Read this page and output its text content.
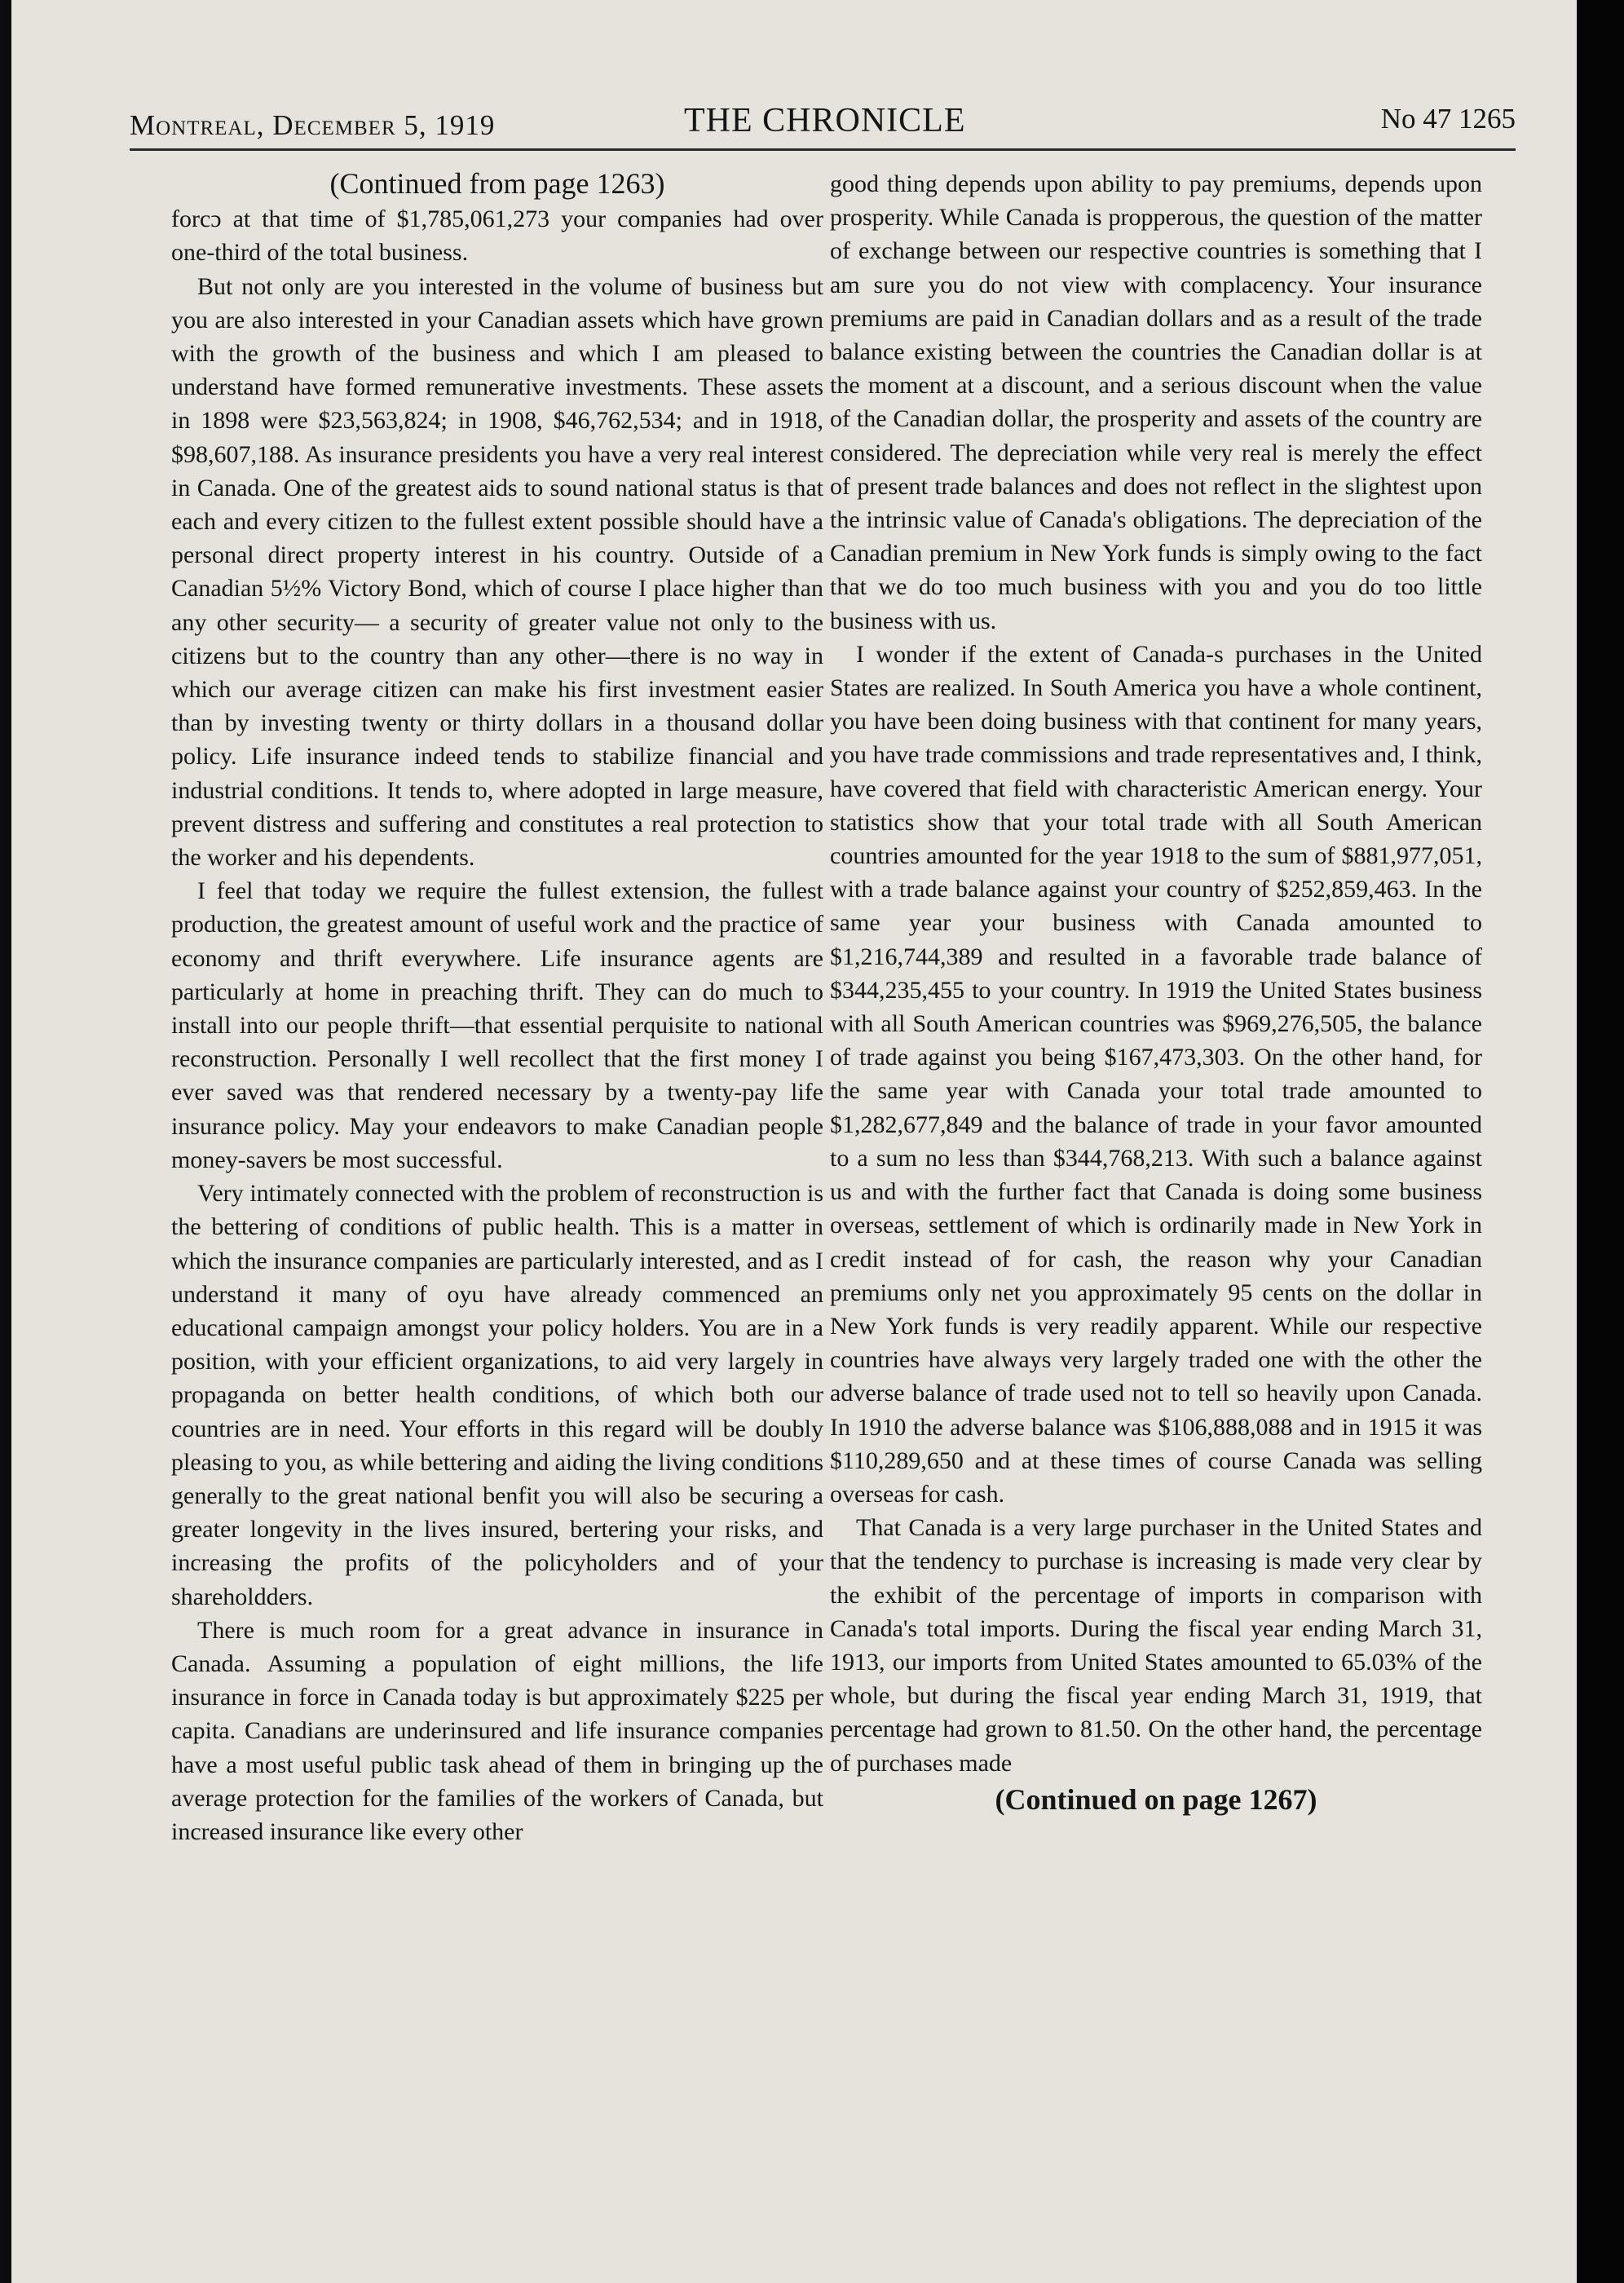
Montreal, December 5, 1919	THE CHRONICLE	No 47 1265
(Continued from page 1263)

forcɔ at that time of $1,785,061,273 your companies had over one-third of the total business.

But not only are you interested in the volume of business but you are also interested in your Canadian assets which have grown with the growth of the business and which I am pleased to understand have formed remunerative investments. These assets in 1898 were $23,563,824; in 1908, $46,762,534; and in 1918, $98,607,188. As insurance presidents you have a very real interest in Canada. One of the greatest aids to sound national status is that each and every citizen to the fullest extent possible should have a personal direct property interest in his country. Outside of a Canadian 5½% Victory Bond, which of course I place higher than any other security— a security of greater value not only to the citizens but to the country than any other—there is no way in which our average citizen can make his first investment easier than by investing twenty or thirty dollars in a thousand dollar policy. Life insurance indeed tends to stabilize financial and industrial conditions. It tends to, where adopted in large measure, prevent distress and suffering and constitutes a real protection to the worker and his dependents.

I feel that today we require the fullest extension, the fullest production, the greatest amount of useful work and the practice of economy and thrift everywhere. Life insurance agents are particularly at home in preaching thrift. They can do much to install into our people thrift—that essential perquisite to national reconstruction. Personally I well recollect that the first money I ever saved was that rendered necessary by a twenty-pay life insurance policy. May your endeavors to make Canadian people money-savers be most successful.

Very intimately connected with the problem of reconstruction is the bettering of conditions of public health. This is a matter in which the insurance companies are particularly interested, and as I understand it many of oyu have already commenced an educational campaign amongst your policy holders. You are in a position, with your efficient organizations, to aid very largely in propaganda on better health conditions, of which both our countries are in need. Your efforts in this regard will be doubly pleasing to you, as while bettering and aiding the living conditions generally to the great national benfit you will also be securing a greater longevity in the lives insured, bertering your risks, and increasing the profits of the policyholders and of your shareholdders.

There is much room for a great advance in insurance in Canada. Assuming a population of eight millions, the life insurance in force in Canada today is but approximately $225 per capita. Canadians are underinsured and life insurance companies have a most useful public task ahead of them in bringing up the average protection for the families of the workers of Canada, but increased insurance like every other

good thing depends upon ability to pay premiums, depends upon prosperity. While Canada is propperous, the question of the matter of exchange between our respective countries is something that I am sure you do not view with complacency. Your insurance premiums are paid in Canadian dollars and as a result of the trade balance existing between the countries the Canadian dollar is at the moment at a discount, and a serious discount when the value of the Canadian dollar, the prosperity and assets of the country are considered. The depreciation while very real is merely the effect of present trade balances and does not reflect in the slightest upon the intrinsic value of Canada's obligations. The depreciation of the Canadian premium in New York funds is simply owing to the fact that we do too much business with you and you do too little business with us.

I wonder if the extent of Canada-s purchases in the United States are realized. In South America you have a whole continent, you have been doing business with that continent for many years, you have trade commissions and trade representatives and, I think, have covered that field with characteristic American energy. Your statistics show that your total trade with all South American countries amounted for the year 1918 to the sum of $881,977,051, with a trade balance against your country of $252,859,463. In the same year your business with Canada amounted to $1,216,744,389 and resulted in a favorable trade balance of $344,235,455 to your country. In 1919 the United States business with all South American countries was $969,276,505, the balance of trade against you being $167,473,303. On the other hand, for the same year with Canada your total trade amounted to $1,282,677,849 and the balance of trade in your favor amounted to a sum no less than $344,768,213. With such a balance against us and with the further fact that Canada is doing some business overseas, settlement of which is ordinarily made in New York in credit instead of for cash, the reason why your Canadian premiums only net you approximately 95 cents on the dollar in New York funds is very readily apparent. While our respective countries have always very largely traded one with the other the adverse balance of trade used not to tell so heavily upon Canada. In 1910 the adverse balance was $106,888,088 and in 1915 it was $110,289,650 and at these times of course Canada was selling overseas for cash.

That Canada is a very large purchaser in the United States and that the tendency to purchase is increasing is made very clear by the exhibit of the percentage of imports in comparison with Canada's total imports. During the fiscal year ending March 31, 1913, our imports from United States amounted to 65.03% of the whole, but during the fiscal year ending March 31, 1919, that percentage had grown to 81.50. On the other hand, the percentage of purchases made

(Continued on page 1267)
